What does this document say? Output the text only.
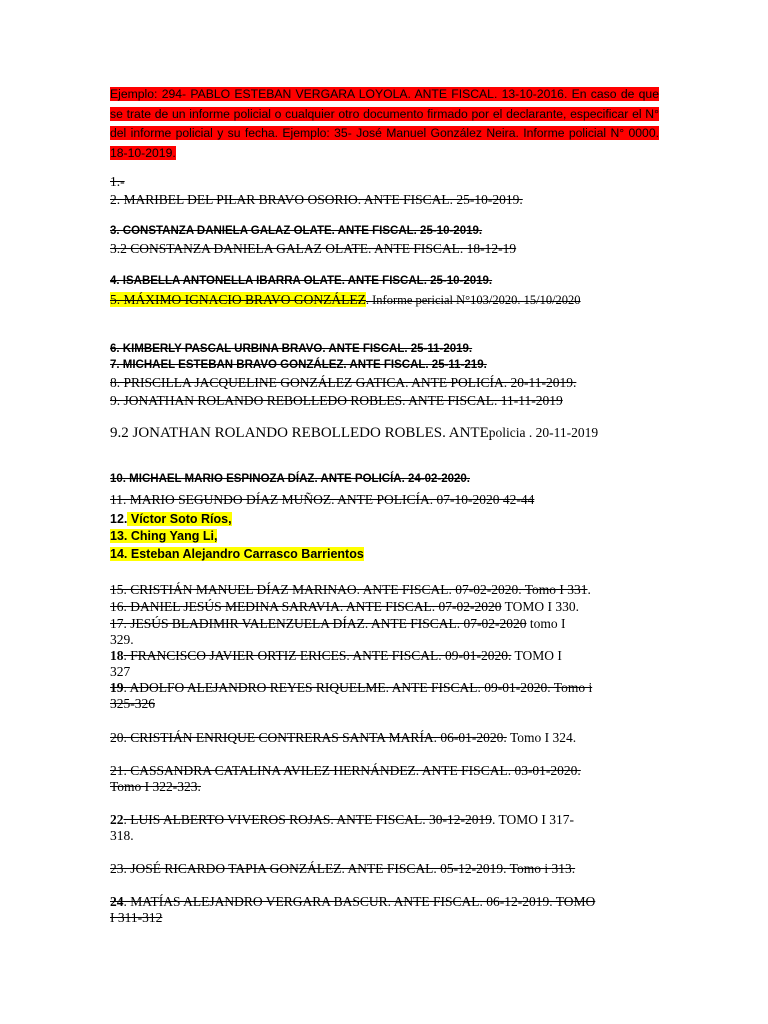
Ejemplo: 294- PABLO ESTEBAN VERGARA LOYOLA. ANTE FISCAL. 13-10-2016. En caso de que se trate de un informe policial o cualquier otro documento firmado por el declarante, especificar el N° del informe policial y su fecha. Ejemplo: 35- José Manuel González Neira. Informe policial N° 0000. 18-10-2019.
1.-
2. MARIBEL DEL PILAR BRAVO OSORIO. ANTE FISCAL. 25-10-2019.
3. CONSTANZA DANIELA GALAZ OLATE. ANTE FISCAL. 25-10-2019.
3.2 CONSTANZA DANIELA GALAZ OLATE. ANTE FISCAL. 18-12-19
4. ISABELLA ANTONELLA IBARRA OLATE. ANTE FISCAL. 25-10-2019.
5. MÁXIMO IGNACIO BRAVO GONZÁLEZ. Informe pericial N°103/2020. 15/10/2020
6. KIMBERLY PASCAL URBINA BRAVO. ANTE FISCAL. 25-11-2019.
7. MICHAEL ESTEBAN BRAVO GONZÁLEZ. ANTE FISCAL. 25-11-219.
8. PRISCILLA JACQUELINE GONZÁLEZ GATICA. ANTE POLICÍA. 20-11-2019.
9. JONATHAN ROLANDO REBOLLEDO ROBLES. ANTE FISCAL. 11-11-2019
9.2 JONATHAN ROLANDO REBOLLEDO ROBLES. ANTEpolicia . 20-11-2019
10. MICHAEL MARIO ESPINOZA DÍAZ. ANTE POLICÍA. 24-02-2020.
11. MARIO SEGUNDO DÍAZ MUÑOZ. ANTE POLICÍA. 07-10-2020 42-44
12. Víctor Soto Ríos,
13. Ching Yang Li,
14. Esteban Alejandro Carrasco Barrientos
15. CRISTIÁN MANUEL DÍAZ MARINAO. ANTE FISCAL. 07-02-2020. Tomo I 331.
16. DANIEL JESÚS MEDINA SARAVIA. ANTE FISCAL. 07-02-2020 TOMO I 330.
17. JESÚS BLADIMIR VALENZUELA DÍAZ. ANTE FISCAL. 07-02-2020 tomo I
329.
18. FRANCISCO JAVIER ORTIZ ERICES. ANTE FISCAL. 09-01-2020. TOMO I
327
19. ADOLFO ALEJANDRO REYES RIQUELME. ANTE FISCAL. 09-01-2020. Tomo i
325-326
20. CRISTIÁN ENRIQUE CONTRERAS SANTA MARÍA. 06-01-2020. Tomo I 324.
21. CASSANDRA CATALINA AVILEZ HERNÁNDEZ. ANTE FISCAL. 03-01-2020.
Tomo I 322-323.
22. LUIS ALBERTO VIVEROS ROJAS. ANTE FISCAL. 30-12-2019. TOMO I 317-
318.
23. JOSÉ RICARDO TAPIA GONZÁLEZ. ANTE FISCAL. 05-12-2019. Tomo i 313.
24. MATÍAS ALEJANDRO VERGARA BASCUR. ANTE FISCAL. 06-12-2019. TOMO
I 311-312
